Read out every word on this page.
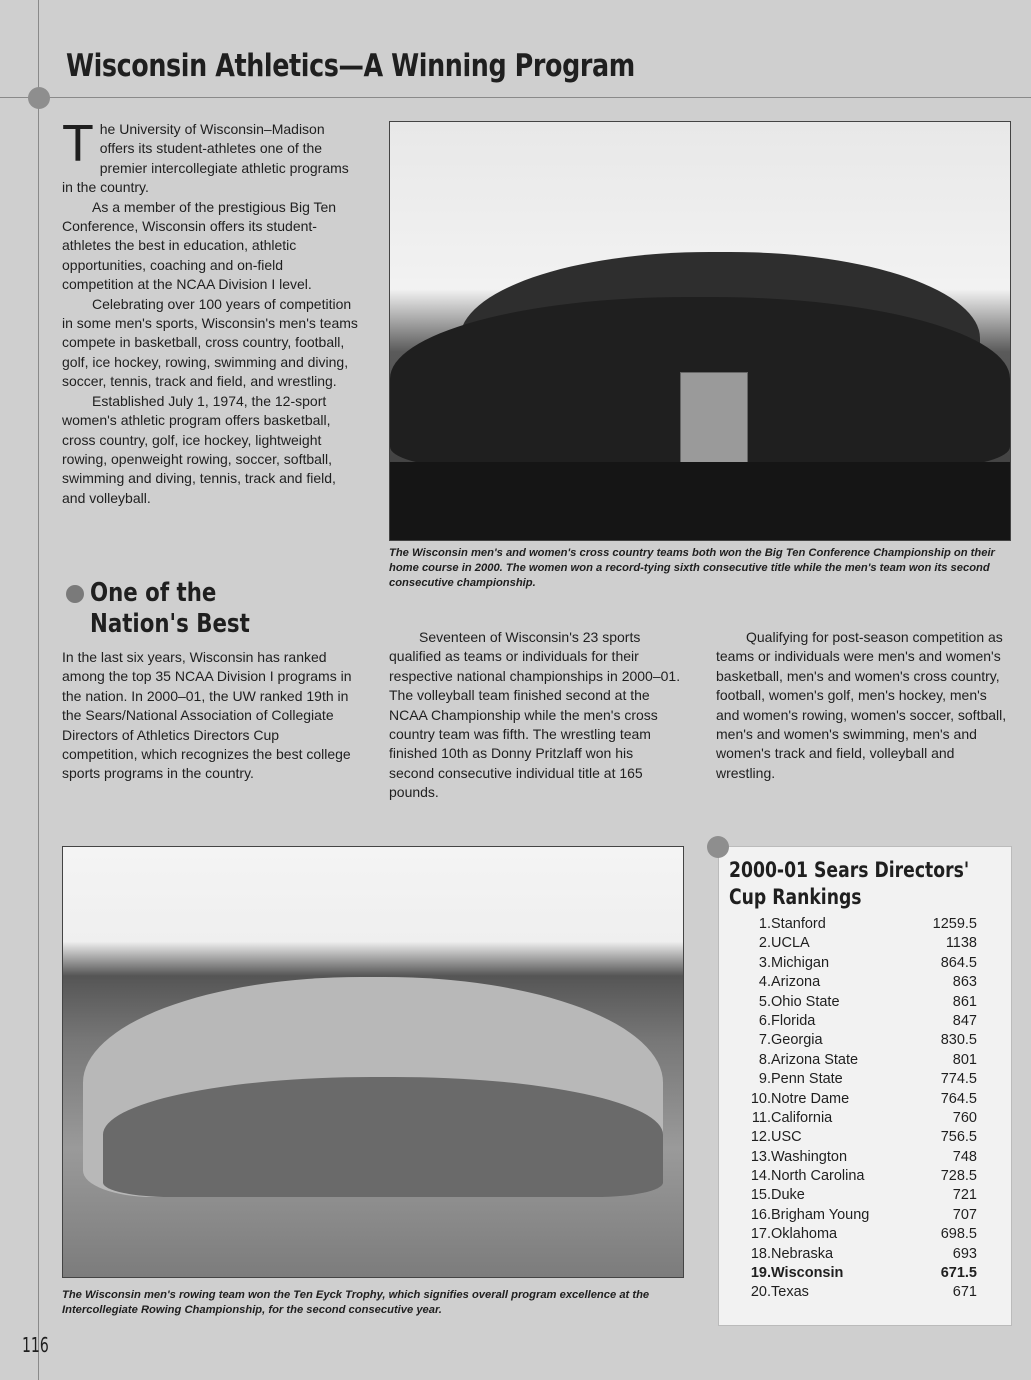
Wisconsin Athletics—A Winning Program
T he University of Wisconsin–Madison offers its student-athletes one of the premier intercollegiate athletic programs in the country.

As a member of the prestigious Big Ten Conference, Wisconsin offers its student-athletes the best in education, athletic opportunities, coaching and on-field competition at the NCAA Division I level.

Celebrating over 100 years of competition in some men's sports, Wisconsin's men's teams compete in basketball, cross country, football, golf, ice hockey, rowing, swimming and diving, soccer, tennis, track and field, and wrestling.

Established July 1, 1974, the 12-sport women's athletic program offers basketball, cross country, golf, ice hockey, lightweight rowing, openweight rowing, soccer, softball, swimming and diving, tennis, track and field, and volleyball.

The Wisconsin men's and women's cross country teams both won the Big Ten Conference Championship on their home course in 2000. The women won a record-tying sixth consecutive title while the men's team won its second consecutive championship.

One of the
Nation's Best

In the last six years, Wisconsin has ranked among the top 35 NCAA Division I programs in the nation. In 2000–01, the UW ranked 19th in the Sears/National Association of Collegiate Directors of Athletics Directors Cup competition, which recognizes the best college sports programs in the country.

Seventeen of Wisconsin's 23 sports qualified as teams or individuals for their respective national championships in 2000–01. The volleyball team finished second at the NCAA Championship while the men's cross country team was fifth. The wrestling team finished 10th as Donny Pritzlaff won his second consecutive individual title at 165 pounds.

Qualifying for post-season competition as teams or individuals were men's and women's basketball, men's and women's cross country, football, women's golf, men's hockey, men's and women's rowing, women's soccer, softball, men's and women's swimming, men's and women's track and field, volleyball and wrestling.

The Wisconsin men's rowing team won the Ten Eyck Trophy, which signifies overall program excellence at the Intercollegiate Rowing Championship, for the second consecutive year.

2000-01 Sears Directors'
Cup Rankings
1. Stanford	1259.5
2. UCLA	1138
3. Michigan	864.5
4. Arizona	863
5. Ohio State	861
6. Florida	847
7. Georgia	830.5
8. Arizona State	801
9. Penn State	774.5
10. Notre Dame	764.5
11. California	760
12. USC	756.5
13. Washington	748
14. North Carolina	728.5
15. Duke	721
16. Brigham Young	707
17. Oklahoma	698.5
18. Nebraska	693
19. Wisconsin	671.5
20. Texas	671

116
